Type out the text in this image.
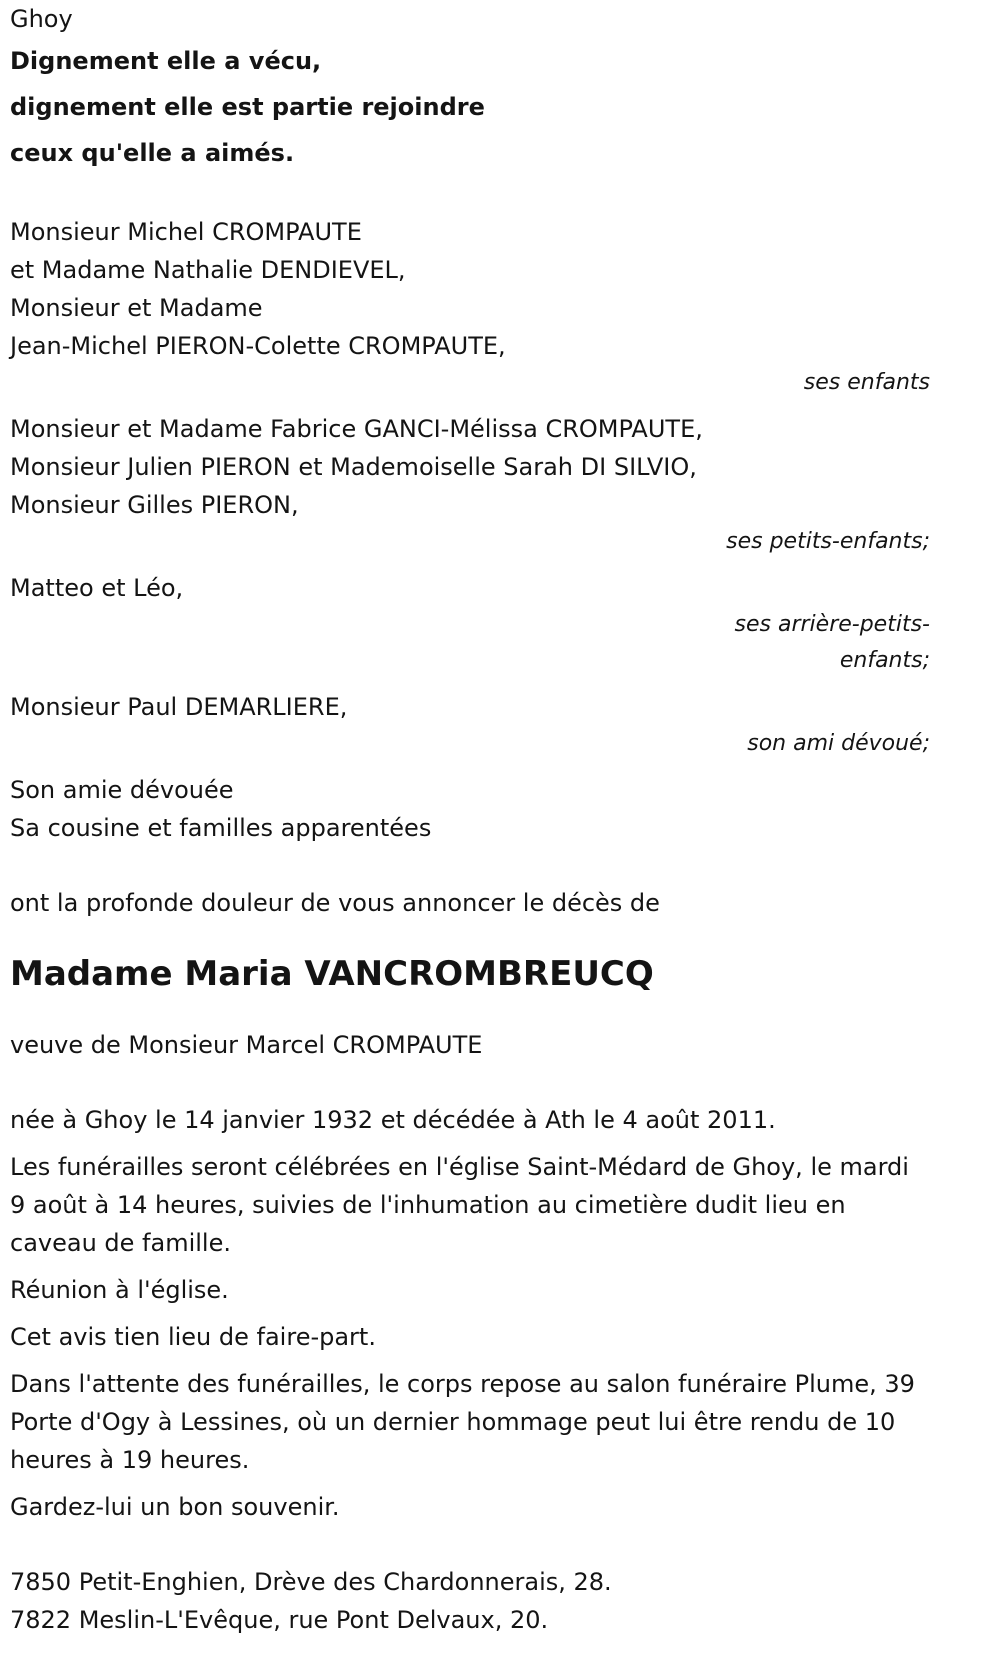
Ghoy
Dignement elle a vécu,
dignement elle est partie rejoindre
ceux qu'elle a aimés.
Monsieur Michel CROMPAUTE
et Madame Nathalie DENDIEVEL,
Monsieur et Madame
Jean-Michel PIERON-Colette CROMPAUTE,
ses enfants
Monsieur et Madame Fabrice GANCI-Mélissa CROMPAUTE,
Monsieur Julien PIERON et Mademoiselle Sarah DI SILVIO,
Monsieur Gilles PIERON,
ses petits-enfants;
Matteo et Léo,
ses arrière-petits-
enfants;
Monsieur Paul DEMARLIERE,
son ami dévoué;
Son amie dévouée
Sa cousine et familles apparentées
ont la profonde douleur de vous annoncer le décès de
Madame Maria VANCROMBREUCQ
veuve de Monsieur Marcel CROMPAUTE
née à Ghoy le 14 janvier 1932 et décédée à Ath le 4 août 2011.
Les funérailles seront célébrées en l'église Saint-Médard de Ghoy, le mardi 9 août à 14 heures, suivies de l'inhumation au cimetière dudit lieu en caveau de famille.
Réunion à l'église.
Cet avis tien lieu de faire-part.
Dans l'attente des funérailles, le corps repose au salon funéraire Plume, 39 Porte d'Ogy à Lessines, où un dernier hommage peut lui être rendu de 10 heures à 19 heures.
Gardez-lui un bon souvenir.
7850 Petit-Enghien, Drève des Chardonnerais, 28.
7822 Meslin-L'Evêque, rue Pont Delvaux, 20.
